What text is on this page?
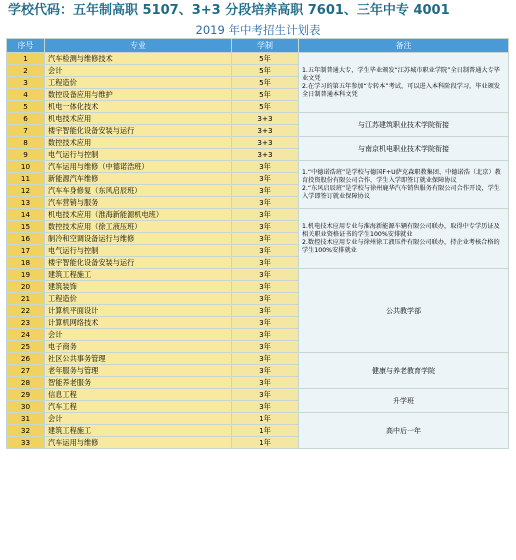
学校代码：五年制高职 5107、3+3 分段培养高职 7601、三年中专 4001
2019 年中考招生计划表
序号	专业	学制	备注
1	汽车检测与维修技术	5年	1.五年制普通大专，学生毕业颁发“江苏城市职业学院”全日制普通大专毕业文凭
2.在学习的第五年参加“专转本”考试，可以进入本科阶段学习，毕业颁发全日制普通本科文凭

2	会计	5年	
3	工程造价	5年	
4	数控设备应用与维护	5年	
5	机电一体化技术	5年	
6	机电技术应用	3+3	与江苏建筑职业技术学院衔接

7	楼宇智能化设备安装与运行	3+3	
8	数控技术应用	3+3	与南京机电职业技术学院衔接

9	电气运行与控制	3+3	
10	汽车运用与维修（中德诺浩班）	3年	1.“中德诺浩班”是学校与德国F+U萨克森职教集团、中德诺浩（北京）教育投资股份有限公司合作，学生入学即签订就业保障协议
2.“东风启辰班”是学校与徐州鹿华汽车销售服务有限公司合作开设，学生入学即签订就业保障协议

11	新能源汽车维修	3年	
12	汽车车身修复（东风启辰班）	3年	
13	汽车营销与服务	3年	
14	机电技术应用（淮海新能源机电班）	3年	1.机电技术应用专业与淮海新能源车辆有限公司联办，取得中专学历证及相关职业资格证书的学生100%安排就业
2.数控技术应用专业与徐州徐工液压件有限公司联办，持企业考核合格的学生100%安排就业

15	数控技术应用（徐工液压班）	3年	
16	制冷和空调设备运行与维修	3年	
17	电气运行与控制	3年	
18	楼宇智能化设备安装与运行	3年	
19	建筑工程施工	3年	公共教学部

20	建筑装饰	3年	
21	工程造价	3年	
22	计算机平面设计	3年	
23	计算机网络技术	3年	
24	会计	3年	
25	电子商务	3年	
26	社区公共事务管理	3年	健康与养老教育学院

27	老年服务与管理	3年	
28	智能养老服务	3年	
29	信息工程	3年	升学班

30	汽车工程	3年	
31	会计	1年	高中后一年

32	建筑工程施工	1年	
33	汽车运用与维修	1年	
